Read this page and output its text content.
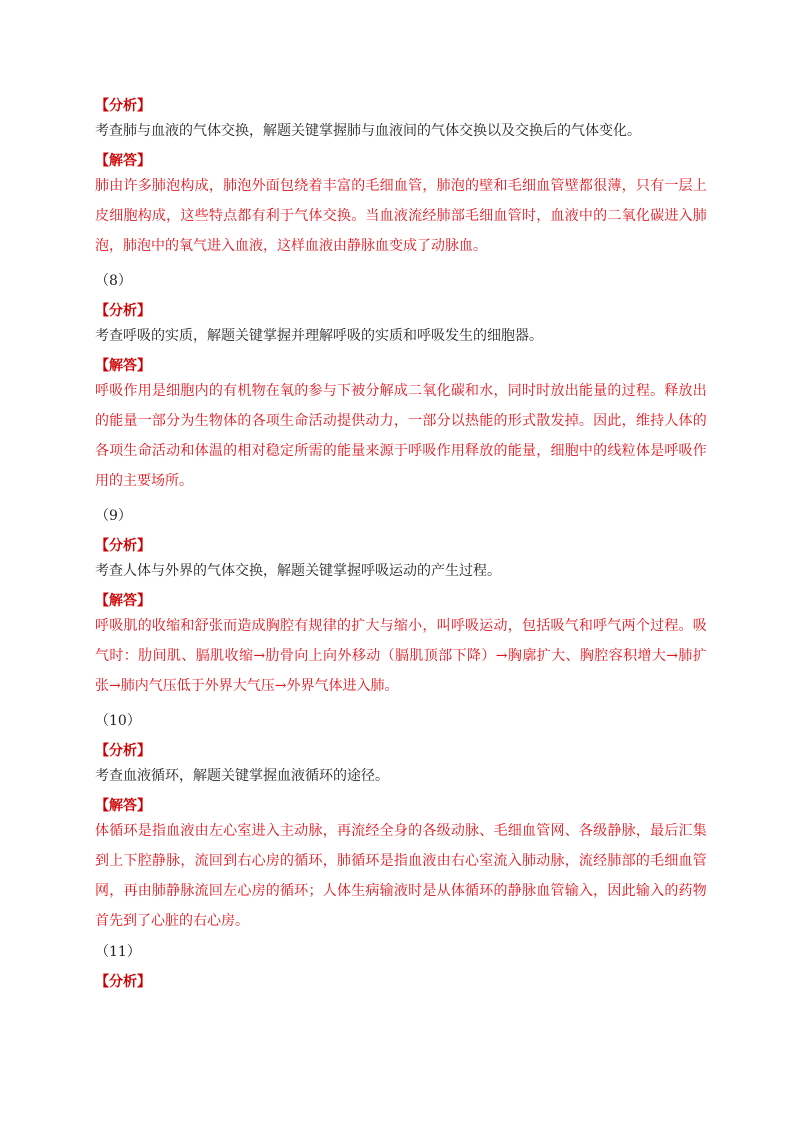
【分析】
考查肺与血液的气体交换，解题关键掌握肺与血液间的气体交换以及交换后的气体变化。
【解答】
肺由许多肺泡构成，肺泡外面包绕着丰富的毛细血管，肺泡的壁和毛细血管壁都很薄，只有一层上
皮细胞构成，这些特点都有利于气体交换。当血液流经肺部毛细血管时，血液中的二氧化碳进入肺
泡，肺泡中的氧气进入血液，这样血液由静脉血变成了动脉血。
（8）
【分析】
考查呼吸的实质，解题关键掌握并理解呼吸的实质和呼吸发生的细胞器。
【解答】
呼吸作用是细胞内的有机物在氧的参与下被分解成二氧化碳和水，同时时放出能量的过程。释放出
的能量一部分为生物体的各项生命活动提供动力，一部分以热能的形式散发掉。因此，维持人体的
各项生命活动和体温的相对稳定所需的能量来源于呼吸作用释放的能量，细胞中的线粒体是呼吸作
用的主要场所。
（9）
【分析】
考查人体与外界的气体交换，解题关键掌握呼吸运动的产生过程。
【解答】
呼吸肌的收缩和舒张而造成胸腔有规律的扩大与缩小，叫呼吸运动，包括吸气和呼气两个过程。吸
气时：肋间肌、膈肌收缩→肋骨向上向外移动（膈肌顶部下降）→胸廓扩大、胸腔容积增大→肺扩
张→肺内气压低于外界大气压→外界气体进入肺。
（10）
【分析】
考查血液循环，解题关键掌握血液循环的途径。
【解答】
体循环是指血液由左心室进入主动脉，再流经全身的各级动脉、毛细血管网、各级静脉，最后汇集
到上下腔静脉，流回到右心房的循环，肺循环是指血液由右心室流入肺动脉，流经肺部的毛细血管
网，再由肺静脉流回左心房的循环；人体生病输液时是从体循环的静脉血管输入，因此输入的药物
首先到了心脏的右心房。
（11）
【分析】
